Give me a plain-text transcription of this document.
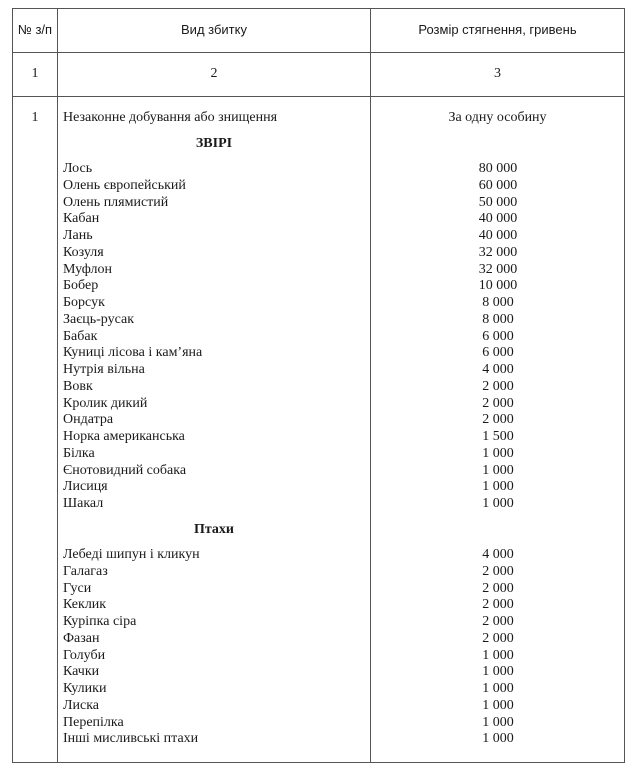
№ з/п	Вид збитку	Розмір стягнення, гривень
1	2	3
1	Незаконне добування або знищення	За одну особину
ЗВІРІ
Лось	80 000
Олень європейський	60 000
Олень плямистий	50 000
Кабан	40 000
Лань	40 000
Козуля	32 000
Муфлон	32 000
Бобер	10 000
Борсук	8 000
Заєць-русак	8 000
Бабак	6 000
Куниці лісова і кам’яна	6 000
Нутрія вільна	4 000
Вовк	2 000
Кролик дикий	2 000
Ондатра	2 000
Норка американська	1 500
Білка	1 000
Єнотовидний собака	1 000
Лисиця	1 000
Шакал	1 000
Птахи
Лебеді шипун і кликун	4 000
Галагаз	2 000
Гуси	2 000
Кеклик	2 000
Куріпка сіра	2 000
Фазан	2 000
Голуби	1 000
Качки	1 000
Кулики	1 000
Лиска	1 000
Перепілка	1 000
Інші мисливські птахи	1 000
